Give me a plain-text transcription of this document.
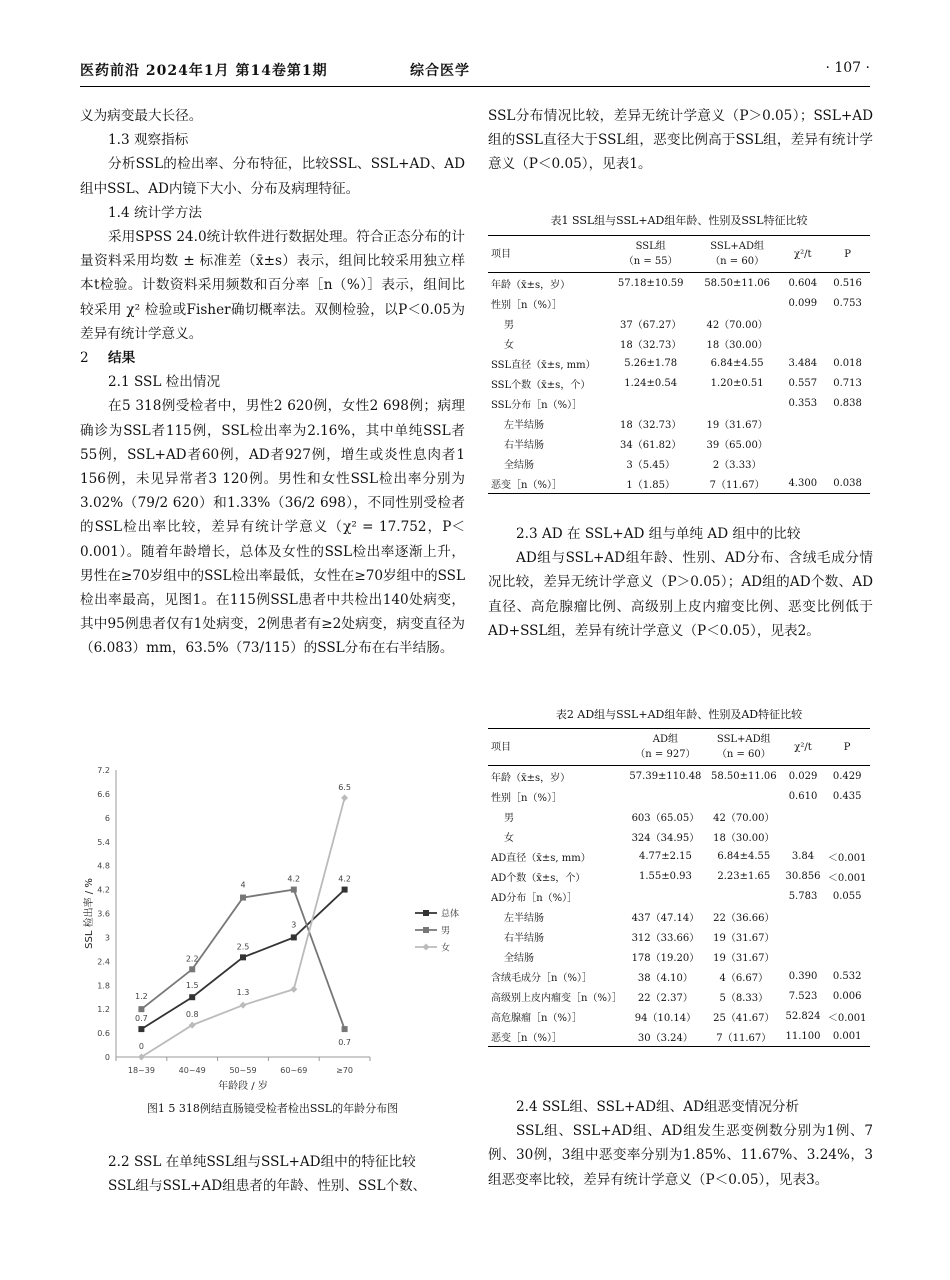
医药前沿 2024年1月 第14卷第1期	综合医学	· 107 ·

义为病变最大长径。

1.3 观察指标

分析SSL的检出率、分布特征，比较SSL、SSL+AD、AD组中SSL、AD内镜下大小、分布及病理特征。

1.4 统计学方法

采用SPSS 24.0统计软件进行数据处理。符合正态分布的计量资料采用均数 ± 标准差（x̄±s）表示，组间比较采用独立样本t检验。计数资料采用频数和百分率［n（%）］表示，组间比较采用 χ² 检验或Fisher确切概率法。双侧检验，以P＜0.05为差异有统计学意义。

2 结果

2.1 SSL 检出情况

在5 318例受检者中，男性2 620例，女性2 698例；病理确诊为SSL者115例，SSL检出率为2.16%，其中单纯SSL者55例，SSL+AD者60例，AD者927例，增生或炎性息肉者1 156例，未见异常者3 120例。男性和女性SSL检出率分别为3.02%（79/2 620）和1.33%（36/2 698），不同性别受检者的SSL检出率比较，差异有统计学意义（χ² = 17.752，P＜0.001）。随着年龄增长，总体及女性的SSL检出率逐渐上升，男性在≥70岁组中的SSL检出率最低，女性在≥70岁组中的SSL检出率最高，见图1。在115例SSL患者中共检出140处病变，其中95例患者仅有1处病变，2例患者有≥2处病变，病变直径为（6.083）mm，63.5%（73/115）的SSL分布在右半结肠。

0
0.6
1.2
1.8
2.4
3
3.6
4.2
4.8
5.4
6
6.6
7.2
18~39	40~49	50~59	60~69	≥70
年龄段 / 岁
SSL 检出率 / %
0.7
2.5
3
4.2
1.2
2.2
4
4.2
0.7
0
0.8
1.3
6.5
1.5
总体
男
女
图1 5 318例结直肠镜受检者检出SSL的年龄分布图

2.2 SSL 在单纯SSL组与SSL+AD组中的特征比较

SSL组与SSL+AD组患者的年龄、性别、SSL个数、

SSL分布情况比较，差异无统计学意义（P＞0.05）；SSL+AD组的SSL直径大于SSL组，恶变比例高于SSL组，差异有统计学意义（P＜0.05），见表1。

表1 SSL组与SSL+AD组年龄、性别及SSL特征比较
项目	SSL组
（n = 55）	SSL+AD组
（n = 60）	χ²/t	P
年龄（x̄±s，岁）	57.18±10.59	58.50±11.06	0.604	0.516
性别［n（%）］			0.099	0.753
男	37（67.27）	42（70.00）		
女	18（32.73）	18（30.00）		
SSL直径（x̄±s, mm）	5.26±1.78	6.84±4.55	3.484	0.018
SSL个数（x̄±s，个）	1.24±0.54	1.20±0.51	0.557	0.713
SSL分布［n（%）］			0.353	0.838
左半结肠	18（32.73）	19（31.67）		
右半结肠	34（61.82）	39（65.00）		
全结肠	3（5.45）	2（3.33）		
恶变［n（%）］	1（1.85）	7（11.67）	4.300	0.038

2.3 AD 在 SSL+AD 组与单纯 AD 组中的比较

AD组与SSL+AD组年龄、性别、AD分布、含绒毛成分情况比较，差异无统计学意义（P＞0.05）；AD组的AD个数、AD直径、高危腺瘤比例、高级别上皮内瘤变比例、恶变比例低于AD+SSL组，差异有统计学意义（P＜0.05），见表2。

表2 AD组与SSL+AD组年龄、性别及AD特征比较
项目	AD组
（n = 927）	SSL+AD组
（n = 60）	χ²/t	P
年龄（x̄±s，岁）	57.39±110.48	58.50±11.06	0.029	0.429
性别［n（%）］			0.610	0.435
男	603（65.05）	42（70.00）		
女	324（34.95）	18（30.00）		
AD直径（x̄±s, mm）	4.77±2.15	6.84±4.55	3.84	＜0.001
AD个数（x̄±s，个）	1.55±0.93	2.23±1.65	30.856	＜0.001
AD分布［n（%）］			5.783	0.055
左半结肠	437（47.14）	22（36.66）		
右半结肠	312（33.66）	19（31.67）		
全结肠	178（19.20）	19（31.67）		
含绒毛成分［n（%）］	38（4.10）	4（6.67）	0.390	0.532
高级别上皮内瘤变［n（%）］	22（2.37）	5（8.33）	7.523	0.006
高危腺瘤［n（%）］	94（10.14）	25（41.67）	52.824	＜0.001
恶变［n（%）］	30（3.24）	7（11.67）	11.100	0.001

2.4 SSL组、SSL+AD组、AD组恶变情况分析

SSL组、SSL+AD组、AD组发生恶变例数分别为1例、7例、30例，3组中恶变率分别为1.85%、11.67%、3.24%，3组恶变率比较，差异有统计学意义（P＜0.05），见表3。
